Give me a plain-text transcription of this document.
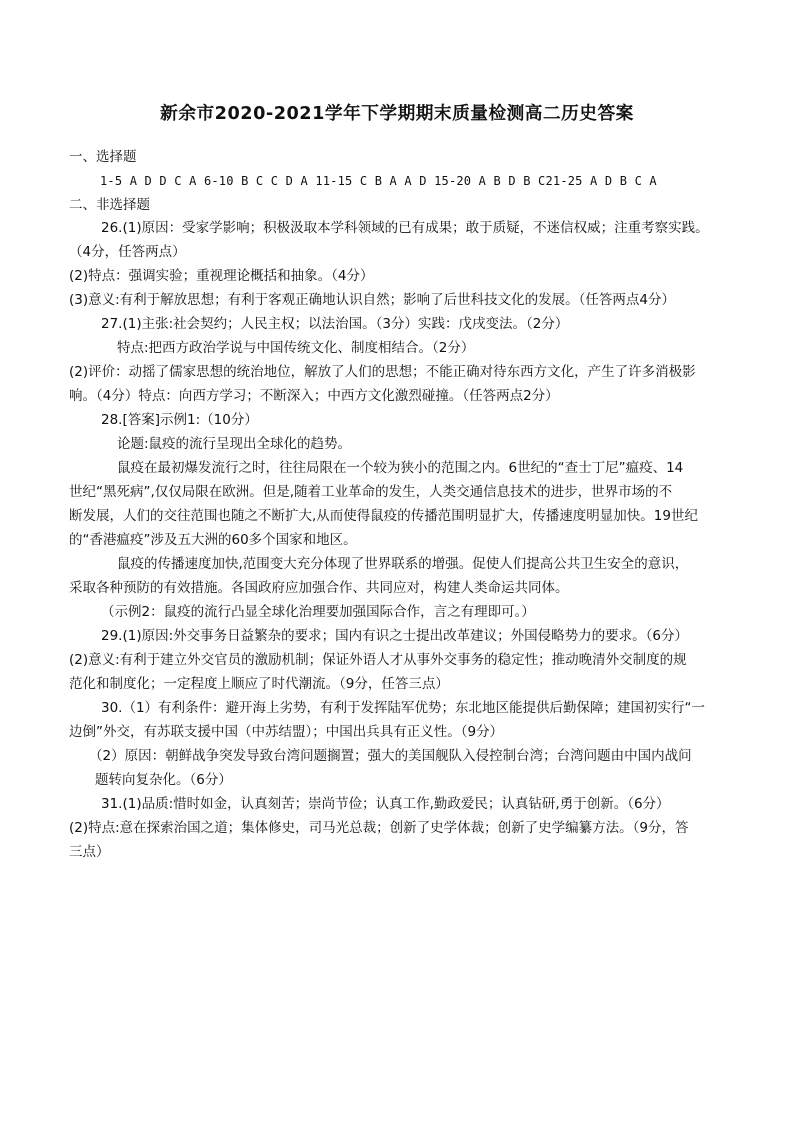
新余市2020-2021学年下学期期末质量检测高二历史答案
一、选择题
1-5 A D D C A 6-10 B C C D A 11-15 C B A A D 15-20 A B D B C21-25 A D B C A
二、非选择题
26.(1)原因：受家学影响；积极汲取本学科领域的已有成果；敢于质疑，不迷信权威；注重考察实践。
（4分，任答两点）
(2)特点：强调实验；重视理论概括和抽象。（4分）
(3)意义:有利于解放思想；有利于客观正确地认识自然；影响了后世科技文化的发展。（任答两点4分）
27.(1)主张:社会契约；人民主权；以法治国。（3分）实践：戊戌变法。（2分）
特点:把西方政治学说与中国传统文化、制度相结合。（2分）
(2)评价：动摇了儒家思想的统治地位，解放了人们的思想；不能正确对待东西方文化，产生了许多消极影
响。（4分）特点：向西方学习；不断深入；中西方文化激烈碰撞。（任答两点2分）
28.[答案]示例1:（10分）
论题:鼠疫的流行呈现出全球化的趋势。
鼠疫在最初爆发流行之时，往往局限在一个较为狭小的范围之内。6世纪的“查士丁尼”瘟疫、14
世纪“黑死病”,仅仅局限在欧洲。但是,随着工业革命的发生，人类交通信息技术的进步，世界市场的不
断发展，人们的交往范围也随之不断扩大,从而使得鼠疫的传播范围明显扩大，传播速度明显加快。19世纪
的“香港瘟疫”涉及五大洲的60多个国家和地区。
鼠疫的传播速度加快,范围变大充分体现了世界联系的增强。促使人们提高公共卫生安全的意识，
采取各种预防的有效措施。各国政府应加强合作、共同应对，构建人类命运共同体。
（示例2：鼠疫的流行凸显全球化治理要加强国际合作，言之有理即可。）
29.(1)原因:外交事务日益繁杂的要求；国内有识之士提出改革建议；外国侵略势力的要求。（6分）
(2)意义:有利于建立外交官员的激励机制；保证外语人才从事外交事务的稳定性；推动晚清外交制度的规
范化和制度化；一定程度上顺应了时代潮流。（9分，任答三点）
30.（1）有利条件：避开海上劣势，有利于发挥陆军优势；东北地区能提供后勤保障；建国初实行“一
边倒”外交，有苏联支援中国（中苏结盟）；中国出兵具有正义性。（9分）
（2）原因：朝鲜战争突发导致台湾问题搁置；强大的美国舰队入侵控制台湾；台湾问题由中国内战问
题转向复杂化。（6分）
31.(1)品质:惜时如金，认真刻苦；崇尚节俭；认真工作,勤政爱民；认真钻研,勇于创新。（6分）
(2)特点:意在探索治国之道；集体修史，司马光总裁；创新了史学体裁；创新了史学编纂方法。（9分，答
三点）
